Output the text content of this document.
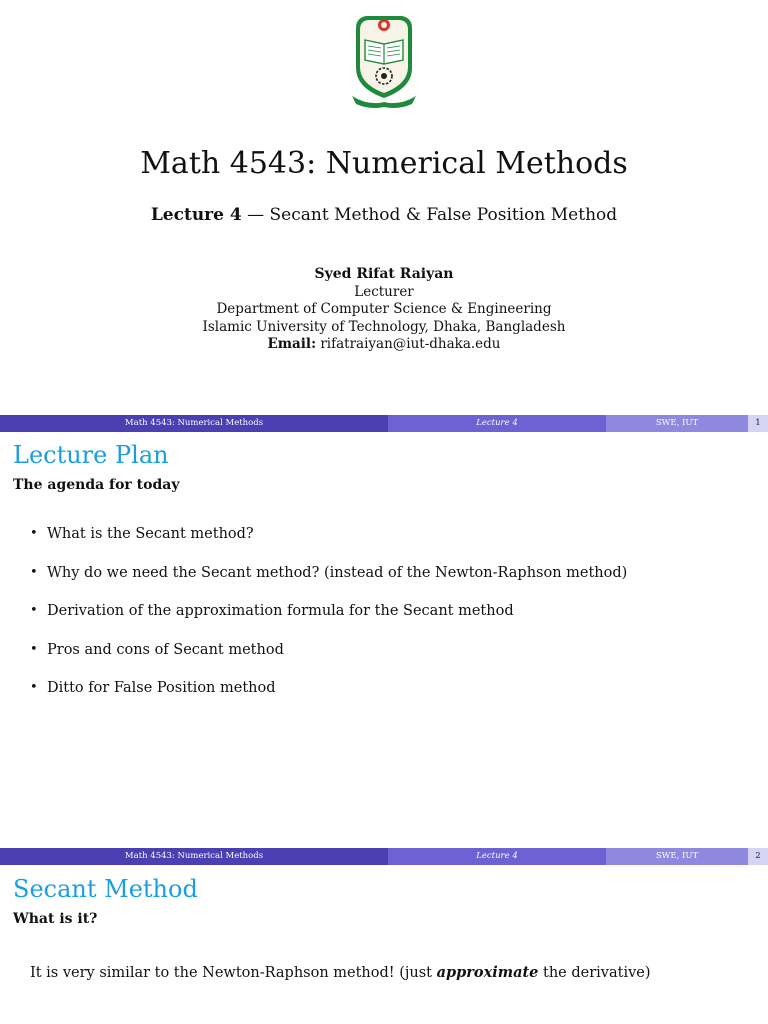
Math 4543: Numerical Methods
Lecture 4 — Secant Method & False Position Method
Syed Rifat Raiyan
Lecturer
Department of Computer Science & Engineering
Islamic University of Technology, Dhaka, Bangladesh
Email: rifatraiyan@iut-dhaka.edu
Math 4543: Numerical Methods	Lecture 4	SWE, IUT	1
Lecture Plan
The agenda for today
• What is the Secant method?
• Why do we need the Secant method? (instead of the Newton-Raphson method)
• Derivation of the approximation formula for the Secant method
• Pros and cons of Secant method
• Ditto for False Position method
Math 4543: Numerical Methods	Lecture 4	SWE, IUT	2
Secant Method
What is it?
It is very similar to the Newton-Raphson method! (just approximate the derivative)
